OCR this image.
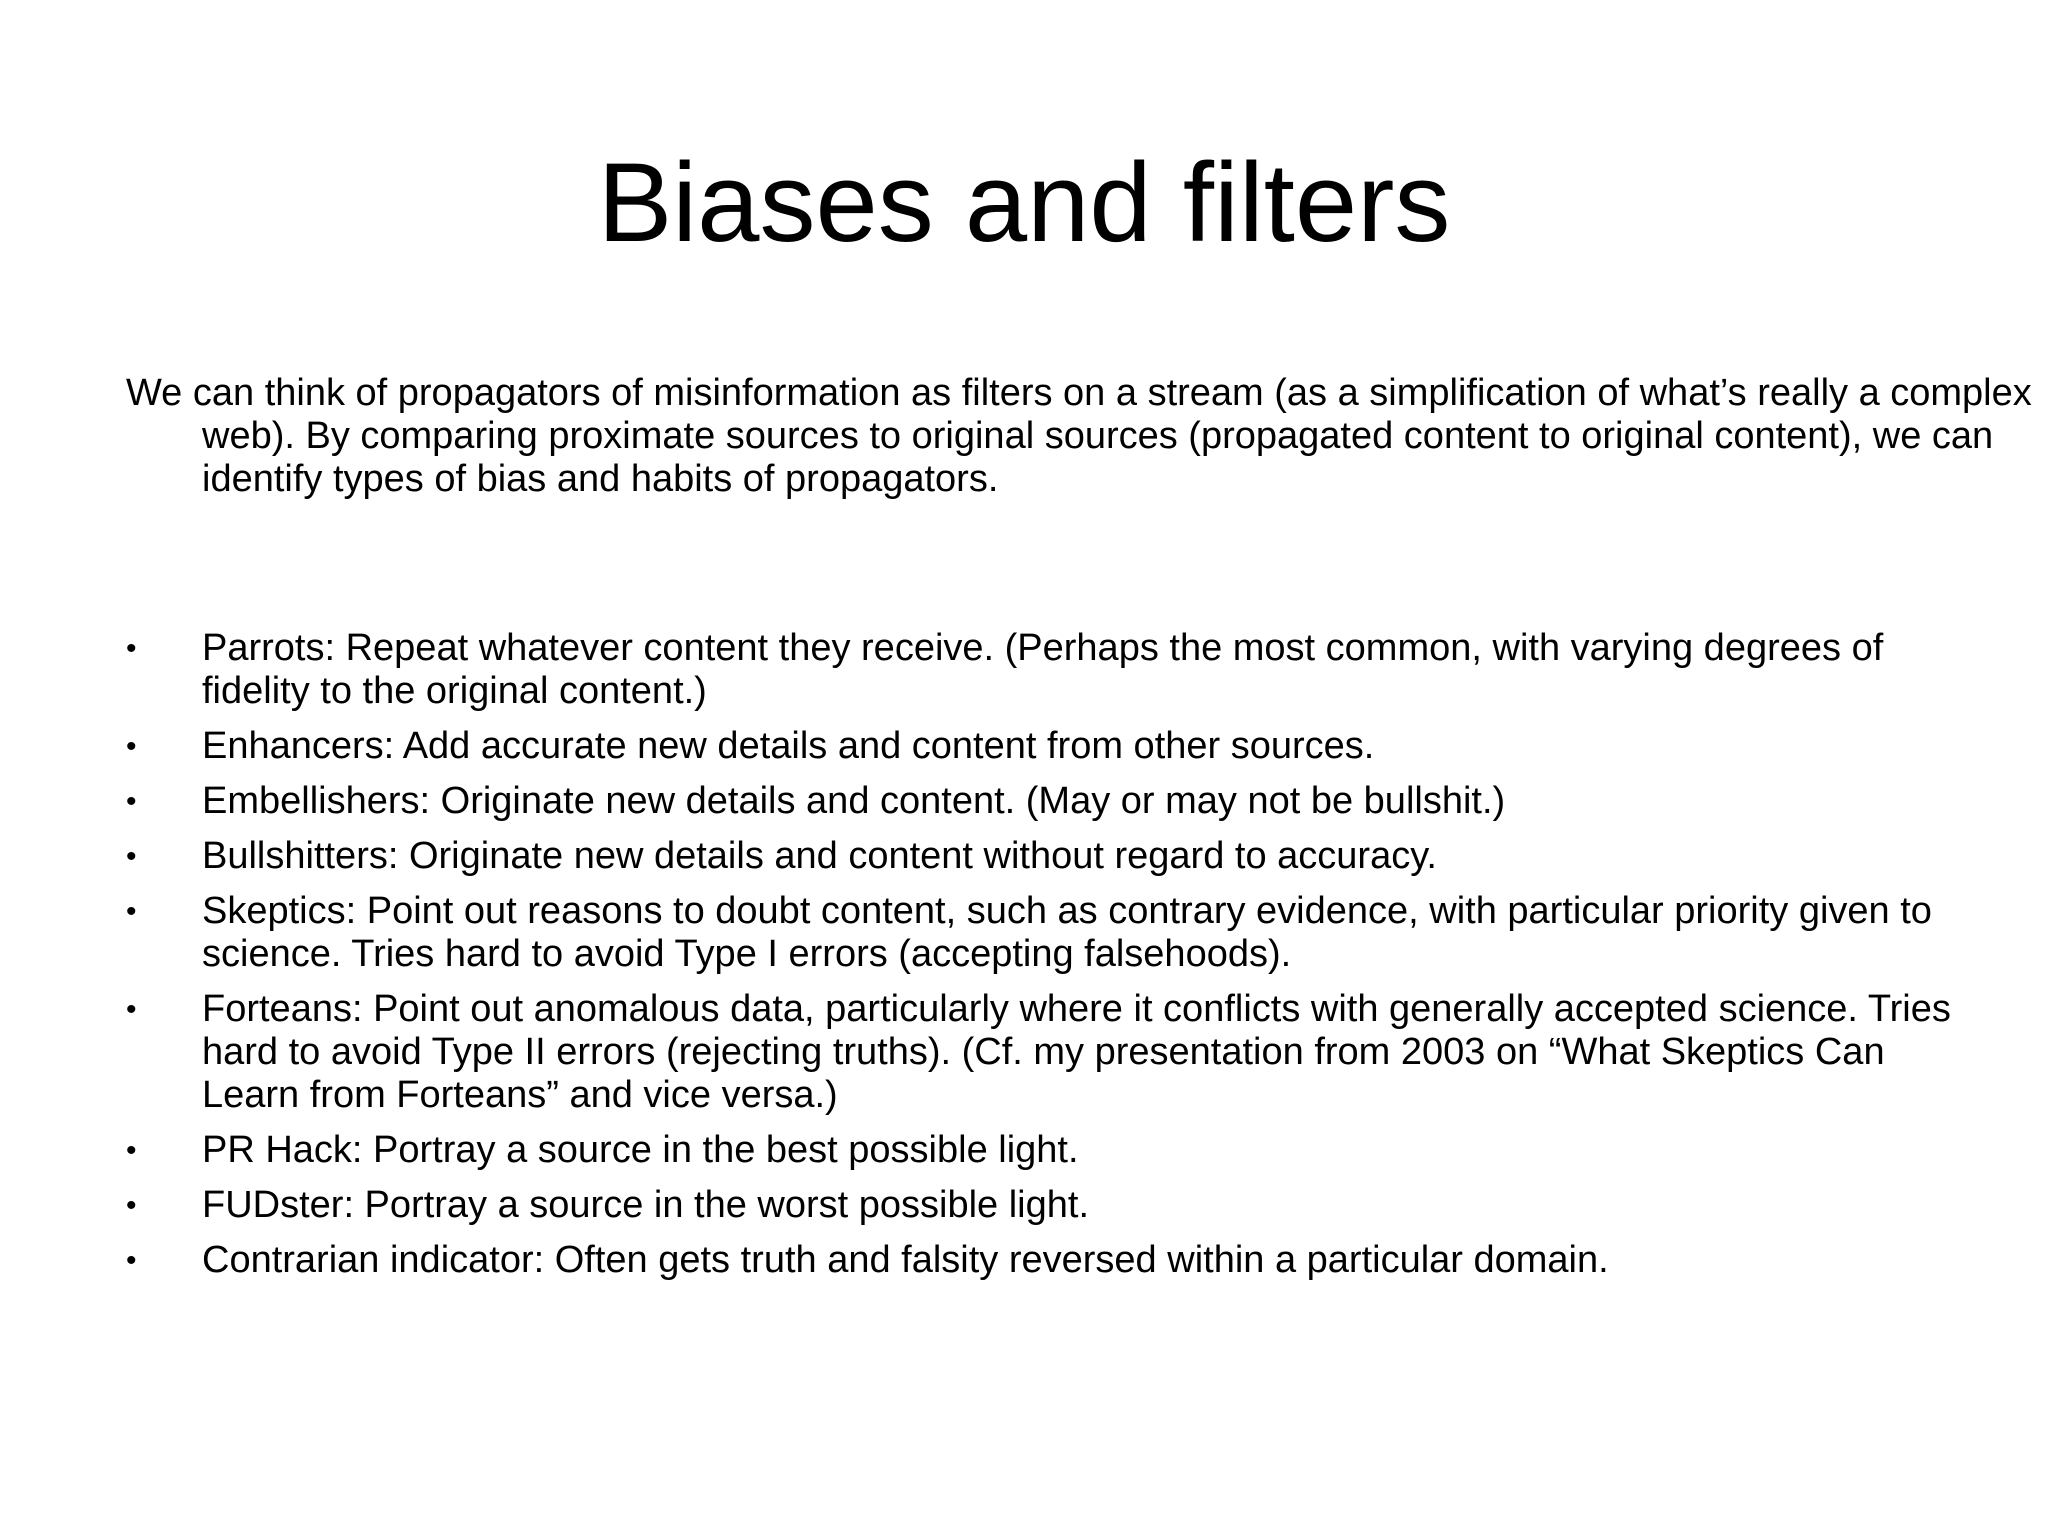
Biases and filters

We can think of propagators of misinformation as filters on a stream (as a simplification of what’s really a complex web). By comparing proximate sources to original sources (propagated content to original content), we can identify types of bias and habits of propagators.

• Parrots: Repeat whatever content they receive. (Perhaps the most common, with varying degrees of fidelity to the original content.)
• Enhancers: Add accurate new details and content from other sources.
• Embellishers: Originate new details and content. (May or may not be bullshit.)
• Bullshitters: Originate new details and content without regard to accuracy.
• Skeptics: Point out reasons to doubt content, such as contrary evidence, with particular priority given to science. Tries hard to avoid Type I errors (accepting falsehoods).
• Forteans: Point out anomalous data, particularly where it conflicts with generally accepted science. Tries hard to avoid Type II errors (rejecting truths). (Cf. my presentation from 2003 on “What Skeptics Can Learn from Forteans” and vice versa.)
• PR Hack: Portray a source in the best possible light.
• FUDster: Portray a source in the worst possible light.
• Contrarian indicator: Often gets truth and falsity reversed within a particular domain.
